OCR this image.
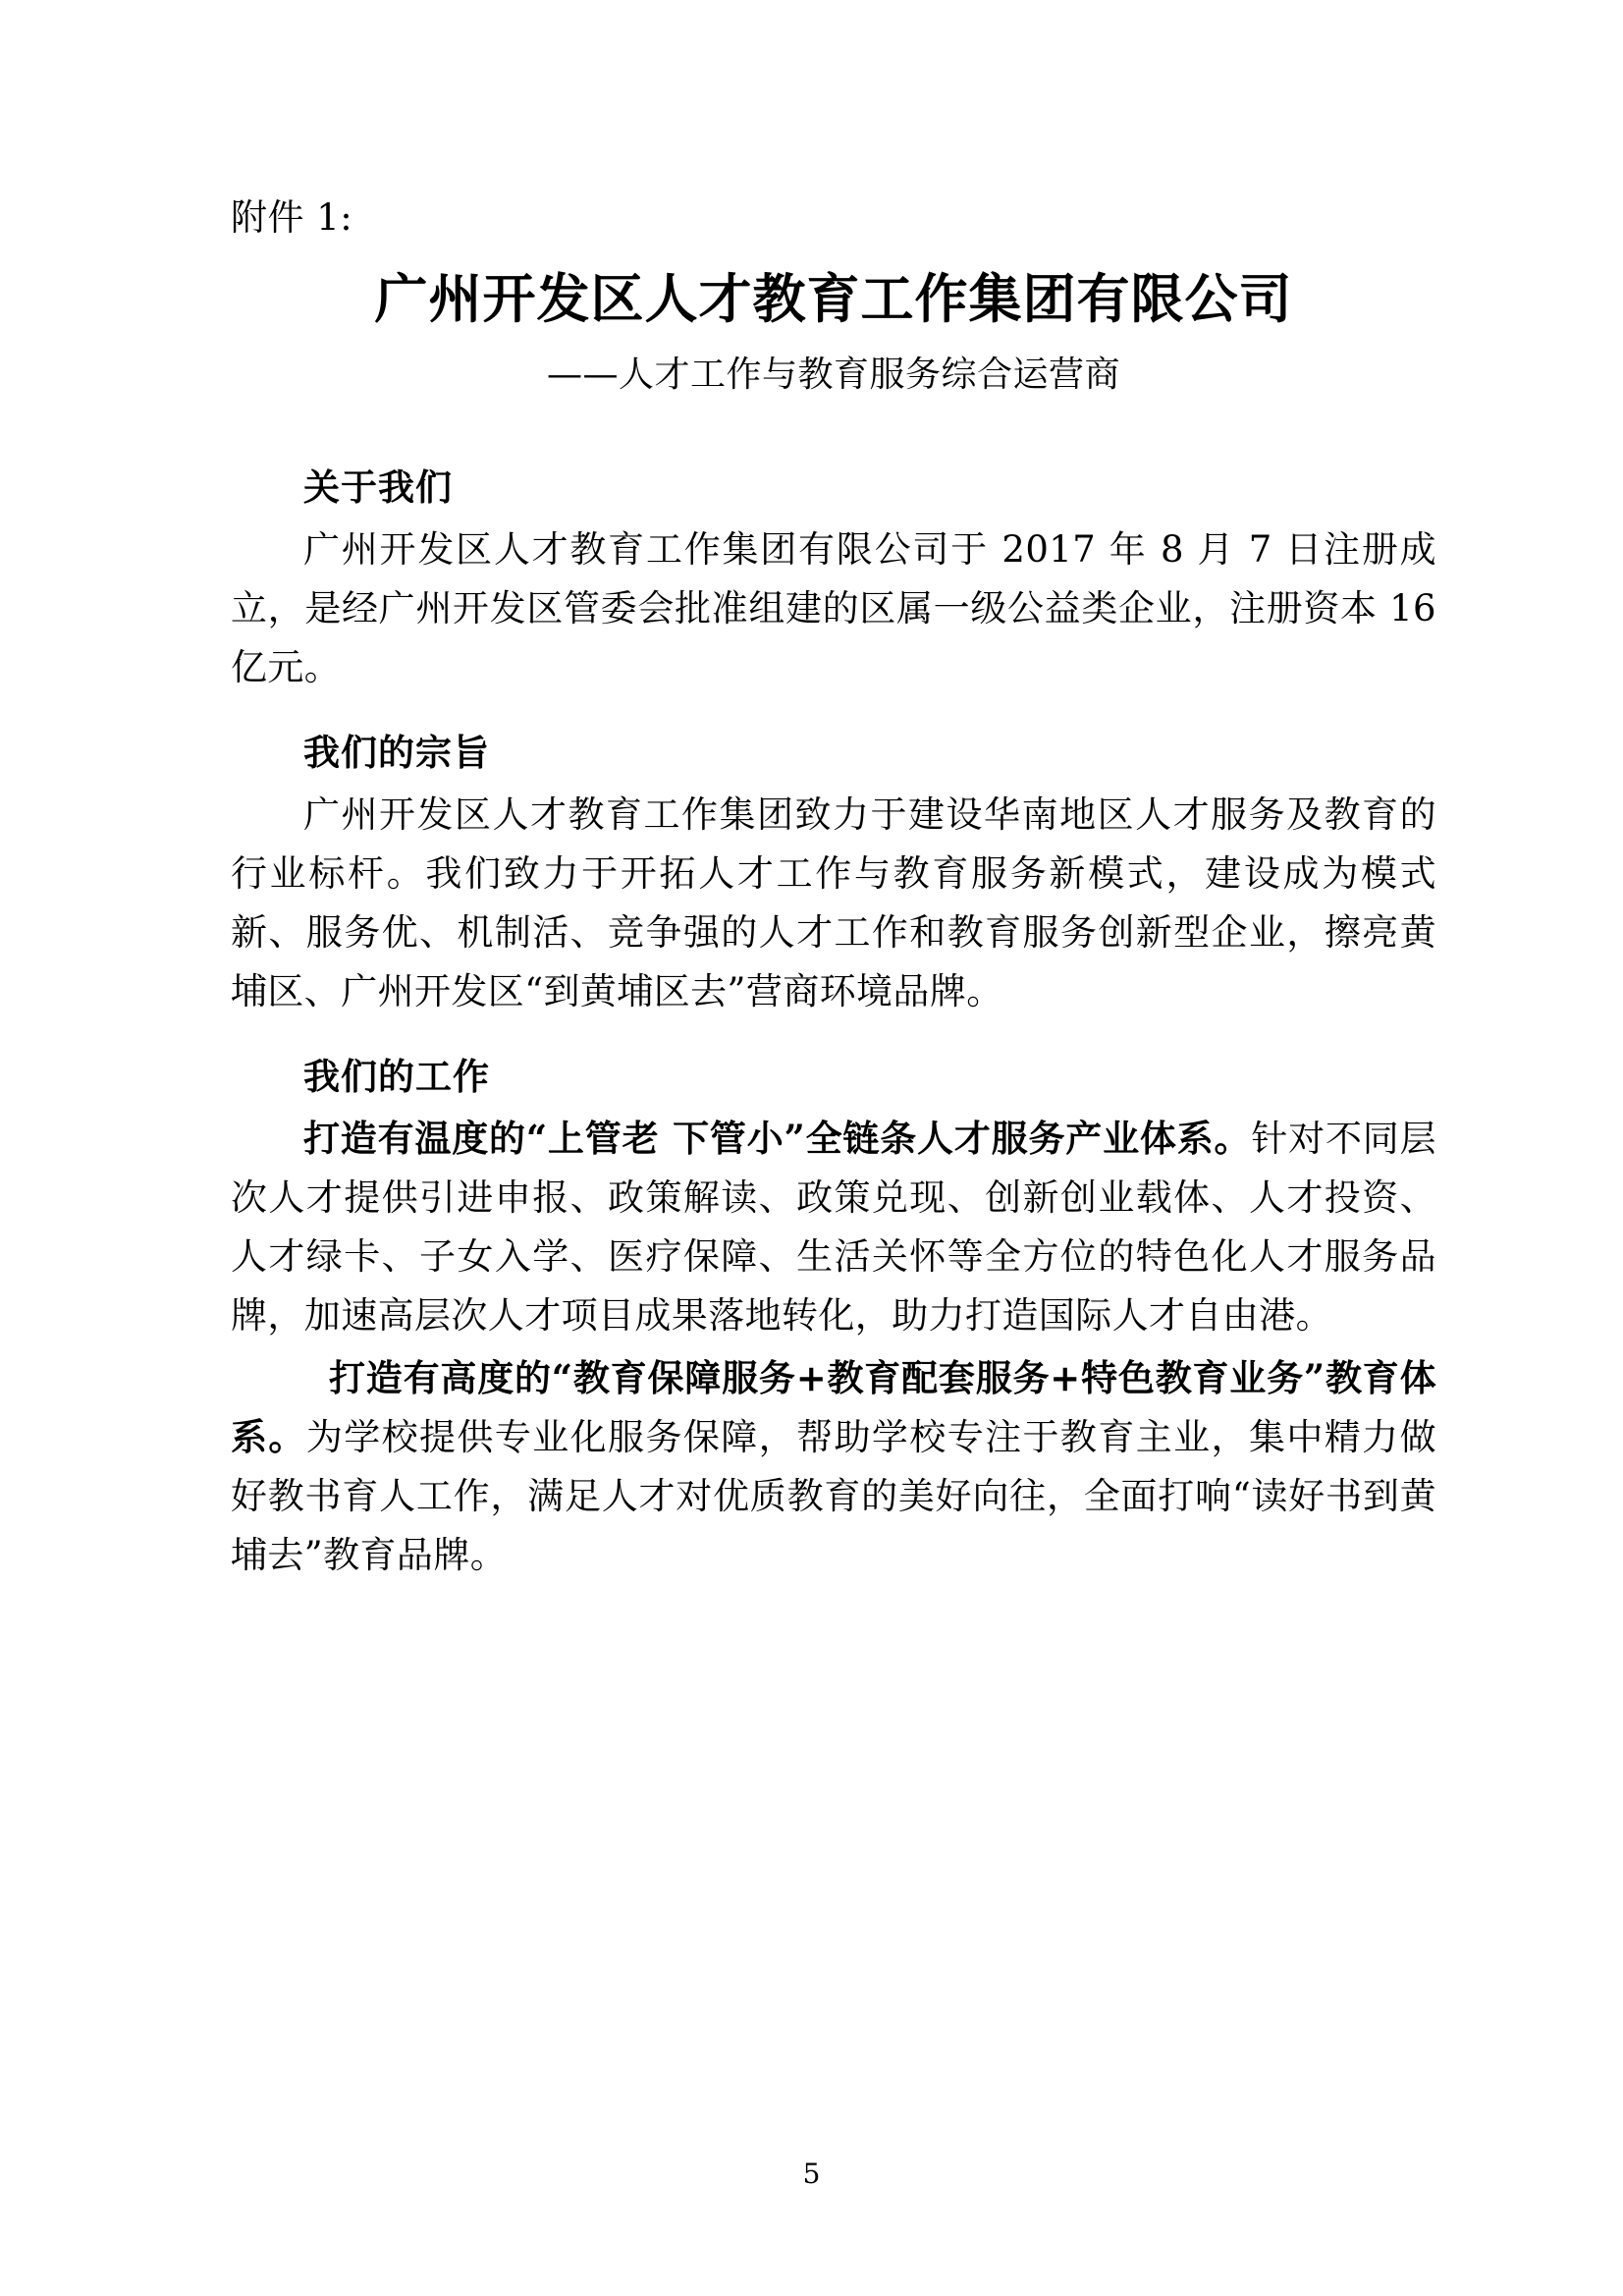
附件 1:
广州开发区人才教育工作集团有限公司
——人才工作与教育服务综合运营商
关于我们

广州开发区人才教育工作集团有限公司于 2017 年 8 月 7 日注册成立，是经广州开发区管委会批准组建的区属一级公益类企业，注册资本 16 亿元。

我们的宗旨

广州开发区人才教育工作集团致力于建设华南地区人才服务及教育的行业标杆。我们致力于开拓人才工作与教育服务新模式，建设成为模式新、服务优、机制活、竞争强的人才工作和教育服务创新型企业，擦亮黄埔区、广州开发区“到黄埔区去”营商环境品牌。

我们的工作

打造有温度的“上管老 下管小”全链条人才服务产业体系。针对不同层次人才提供引进申报、政策解读、政策兑现、创新创业载体、人才投资、人才绿卡、子女入学、医疗保障、生活关怀等全方位的特色化人才服务品牌，加速高层次人才项目成果落地转化，助力打造国际人才自由港。

打造有高度的“教育保障服务+教育配套服务+特色教育业务”教育体系。为学校提供专业化服务保障，帮助学校专注于教育主业，集中精力做好教书育人工作，满足人才对优质教育的美好向往，全面打响“读好书到黄埔去”教育品牌。

5
